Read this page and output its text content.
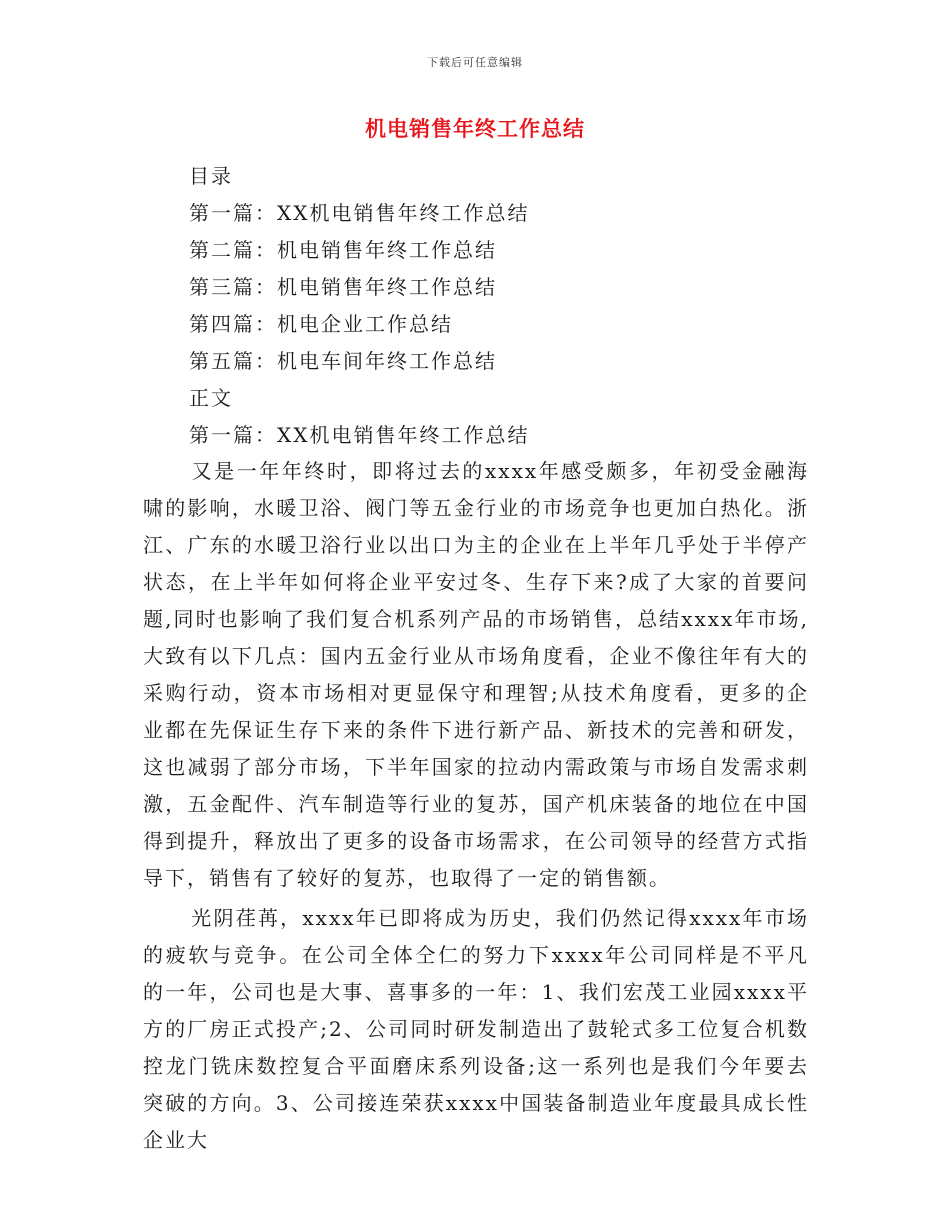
下载后可任意编辑
机电销售年终工作总结
目录
第一篇：XX机电销售年终工作总结
第二篇：机电销售年终工作总结
第三篇：机电销售年终工作总结
第四篇：机电企业工作总结
第五篇：机电车间年终工作总结
正文
第一篇：XX机电销售年终工作总结

又是一年年终时，即将过去的xxxx年感受颇多，年初受金融海啸的影响，水暖卫浴、阀门等五金行业的市场竞争也更加白热化。浙江、广东的水暖卫浴行业以出口为主的企业在上半年几乎处于半停产状态，在上半年如何将企业平安过冬、生存下来?成了大家的首要问题,同时也影响了我们复合机系列产品的市场销售，总结xxxx年市场,大致有以下几点：国内五金行业从市场角度看，企业不像往年有大的采购行动，资本市场相对更显保守和理智;从技术角度看，更多的企业都在先保证生存下来的条件下进行新产品、新技术的完善和研发，这也减弱了部分市场，下半年国家的拉动内需政策与市场自发需求刺激，五金配件、汽车制造等行业的复苏，国产机床装备的地位在中国得到提升，释放出了更多的设备市场需求，在公司领导的经营方式指导下，销售有了较好的复苏，也取得了一定的销售额。

光阴荏苒，xxxx年已即将成为历史，我们仍然记得xxxx年市场的疲软与竞争。在公司全体仝仁的努力下xxxx年公司同样是不平凡的一年，公司也是大事、喜事多的一年：1、我们宏茂工业园xxxx平方的厂房正式投产;2、公司同时研发制造出了鼓轮式多工位复合机数控龙门铣床数控复合平面磨床系列设备;这一系列也是我们今年要去突破的方向。3、公司接连荣获xxxx中国装备制造业年度最具成长性企业大
